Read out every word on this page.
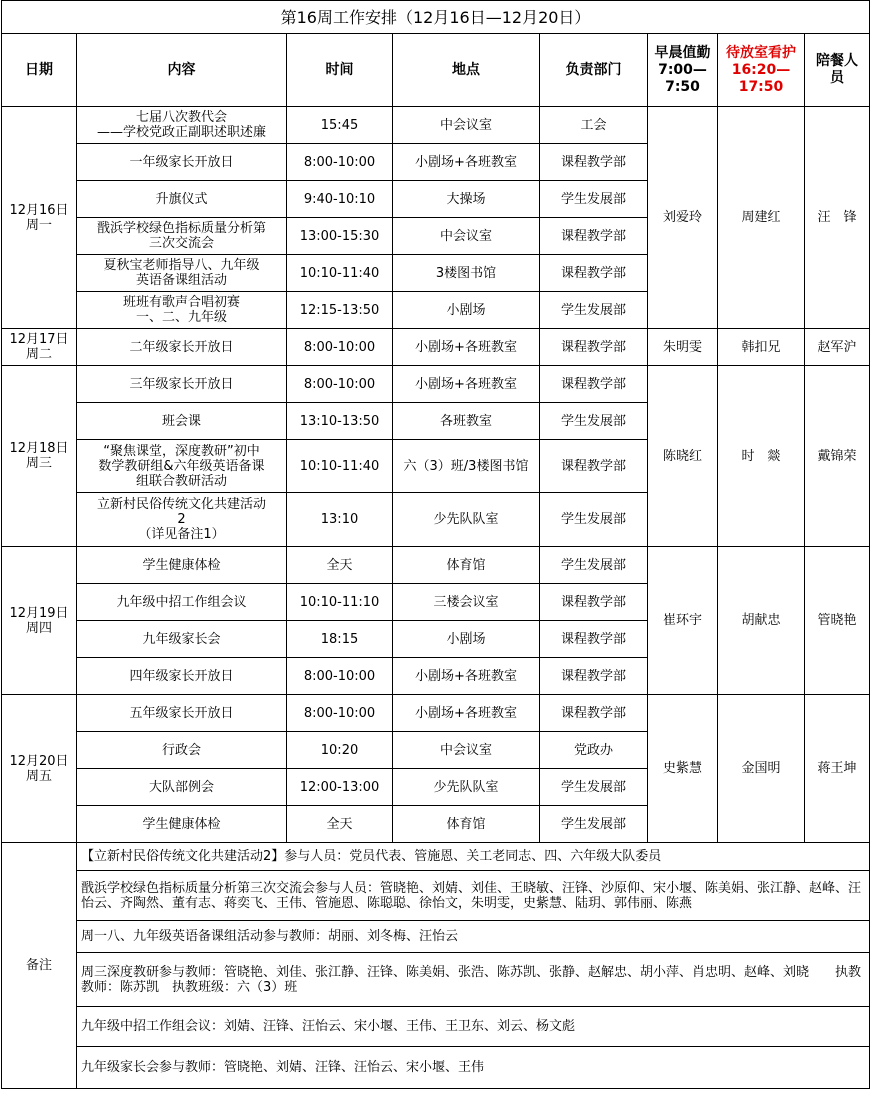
第16周工作安排（12月16日—12月20日）							
日期	内容	时间	地点	负责部门	早晨值勤
7:00—
7:50	待放室看护
16:20—
17:50	陪餐人
员
12月16日
周一	七届八次教代会
——学校党政正副职述职述廉	15:45	中会议室	工会	刘爱玲	周建红	汪　锋
	一年级家长开放日	8:00-10:00	小剧场+各班教室	课程教学部			
	升旗仪式	9:40-10:10	大操场	学生发展部			
	戬浜学校绿色指标质量分析第
三次交流会	13:00-15:30	中会议室	课程教学部			
	夏秋宝老师指导八、九年级
英语备课组活动	10:10-11:40	3楼图书馆	课程教学部			
	班班有歌声合唱初赛
一、二、九年级	12:15-13:50	小剧场	学生发展部			
12月17日
周二	二年级家长开放日	8:00-10:00	小剧场+各班教室	课程教学部	朱明雯	韩扣兄	赵军沪
12月18日
周三	三年级家长开放日	8:00-10:00	小剧场+各班教室	课程教学部	陈晓红	时　燚	戴锦荣
	班会课	13:10-13:50	各班教室	学生发展部			
	“聚焦课堂，深度教研”初中
数学教研组&六年级英语备课
组联合教研活动	10:10-11:40	六（3）班/3楼图书馆	课程教学部			
	立新村民俗传统文化共建活动
2
（详见备注1）	13:10	少先队队室	学生发展部			
12月19日
周四	学生健康体检	全天	体育馆	学生发展部	崔环宇	胡献忠	管晓艳
	九年级中招工作组会议	10:10-11:10	三楼会议室	课程教学部			
	九年级家长会	18:15	小剧场	课程教学部			
	四年级家长开放日	8:00-10:00	小剧场+各班教室	课程教学部			
12月20日
周五	五年级家长开放日	8:00-10:00	小剧场+各班教室	课程教学部	史紫慧	金国明	蒋王坤
	行政会	10:20	中会议室	党政办			
	大队部例会	12:00-13:00	少先队队室	学生发展部			
	学生健康体检	全天	体育馆	学生发展部			
备注	【立新村民俗传统文化共建活动2】参与人员：党员代表、管施恩、关工老同志、四、六年级大队委员						
	戬浜学校绿色指标质量分析第三次交流会参与人员：管晓艳、刘婧、刘佳、王晓敏、汪锋、沙原仰、宋小堰、陈美娟、张江静、赵峰、汪怡云、齐陶然、董有志、蒋奕飞、王伟、管施恩、陈聪聪、徐怡文，朱明雯，史紫慧、陆玥、郭伟丽、陈燕						
	周一八、九年级英语备课组活动参与教师：胡丽、刘冬梅、汪怡云						
	周三深度教研参与教师：管晓艳、刘佳、张江静、汪锋、陈美娟、张浩、陈苏凯、张静、赵解忠、胡小萍、肖忠明、赵峰、刘晓　　执教教师：陈苏凯　执教班级：六（3）班						
	九年级中招工作组会议：刘婧、汪锋、汪怡云、宋小堰、王伟、王卫东、刘云、杨文彪						
	九年级家长会参与教师：管晓艳、刘婧、汪锋、汪怡云、宋小堰、王伟						
